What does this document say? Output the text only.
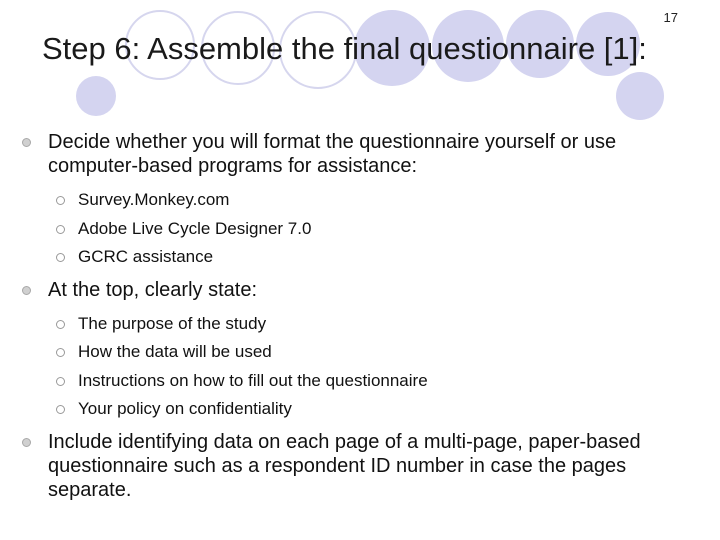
17
Step 6: Assemble the final questionnaire [1]:
Decide whether you will format the questionnaire yourself or use computer-based programs for assistance:
Survey.Monkey.com
Adobe Live Cycle Designer 7.0
GCRC assistance
At the top, clearly state:
The purpose of the study
How the data will be used
Instructions on how to fill out the questionnaire
Your policy on confidentiality
Include identifying data on each page of a multi-page, paper-based questionnaire such as a respondent ID number in case the pages separate.
